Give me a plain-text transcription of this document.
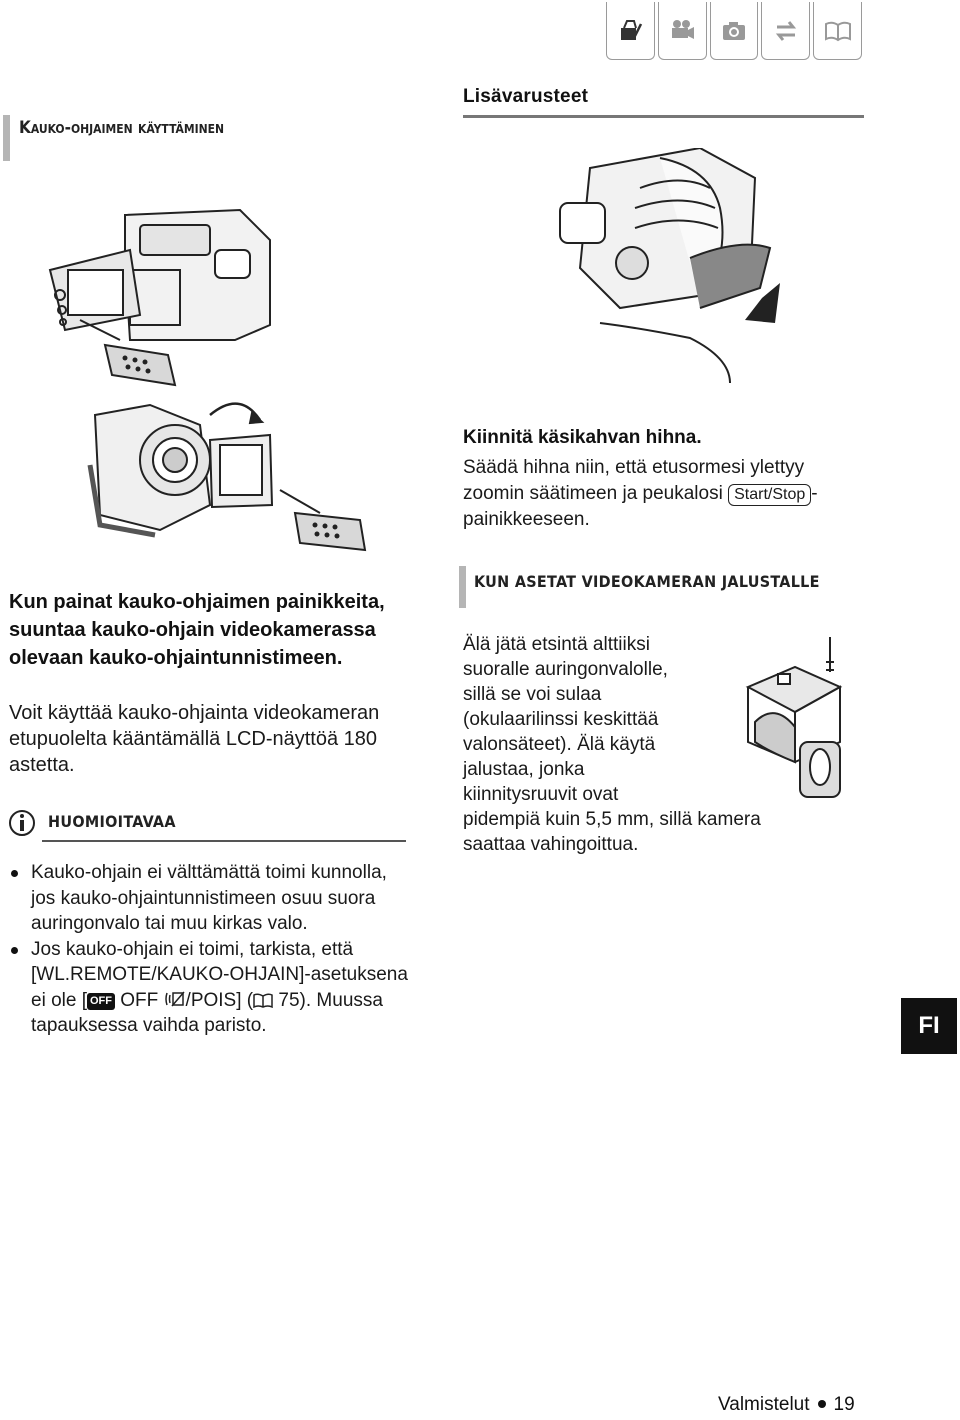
Lisävarusteet
Kauko-ohjaimen käyttäminen
Kun painat kauko-ohjaimen painikkeita, suuntaa kauko-ohjain videokamerassa olevaan kauko-ohjaintunnistimeen.
Voit käyttää kauko-ohjainta videokameran etupuolelta kääntämällä LCD-näyttöä 180 astetta.
HUOMIOITAVAA
Kauko-ohjain ei välttämättä toimi kunnolla, jos kauko-ohjaintunnistimeen osuu suora auringonvalo tai muu kirkas valo.
Jos kauko-ohjain ei toimi, tarkista, että [WL.REMOTE/KAUKO-OHJAIN]-asetuksena ei ole [ OFF OFF /POIS] ( 75). Muussa tapauksessa vaihda paristo.
Kiinnitä käsikahvan hihna.
Säädä hihna niin, että etusormesi ylettyy zoomin säätimeen ja peukalosi Start/Stop -painikkeeseen.
KUN ASETAT VIDEOKAMERAN JALUSTALLE
Älä jätä etsintä alttiiksi
suoralle auringonvalolle,
sillä se voi sulaa
(okulaarilinssi keskittää
valonsäteet). Älä käytä
jalustaa, jonka
kiinnitysruuvit ovat
pidempiä kuin 5,5 mm, sillä kamera
saattaa vahingoittua.
FI
Valmistelut 19
